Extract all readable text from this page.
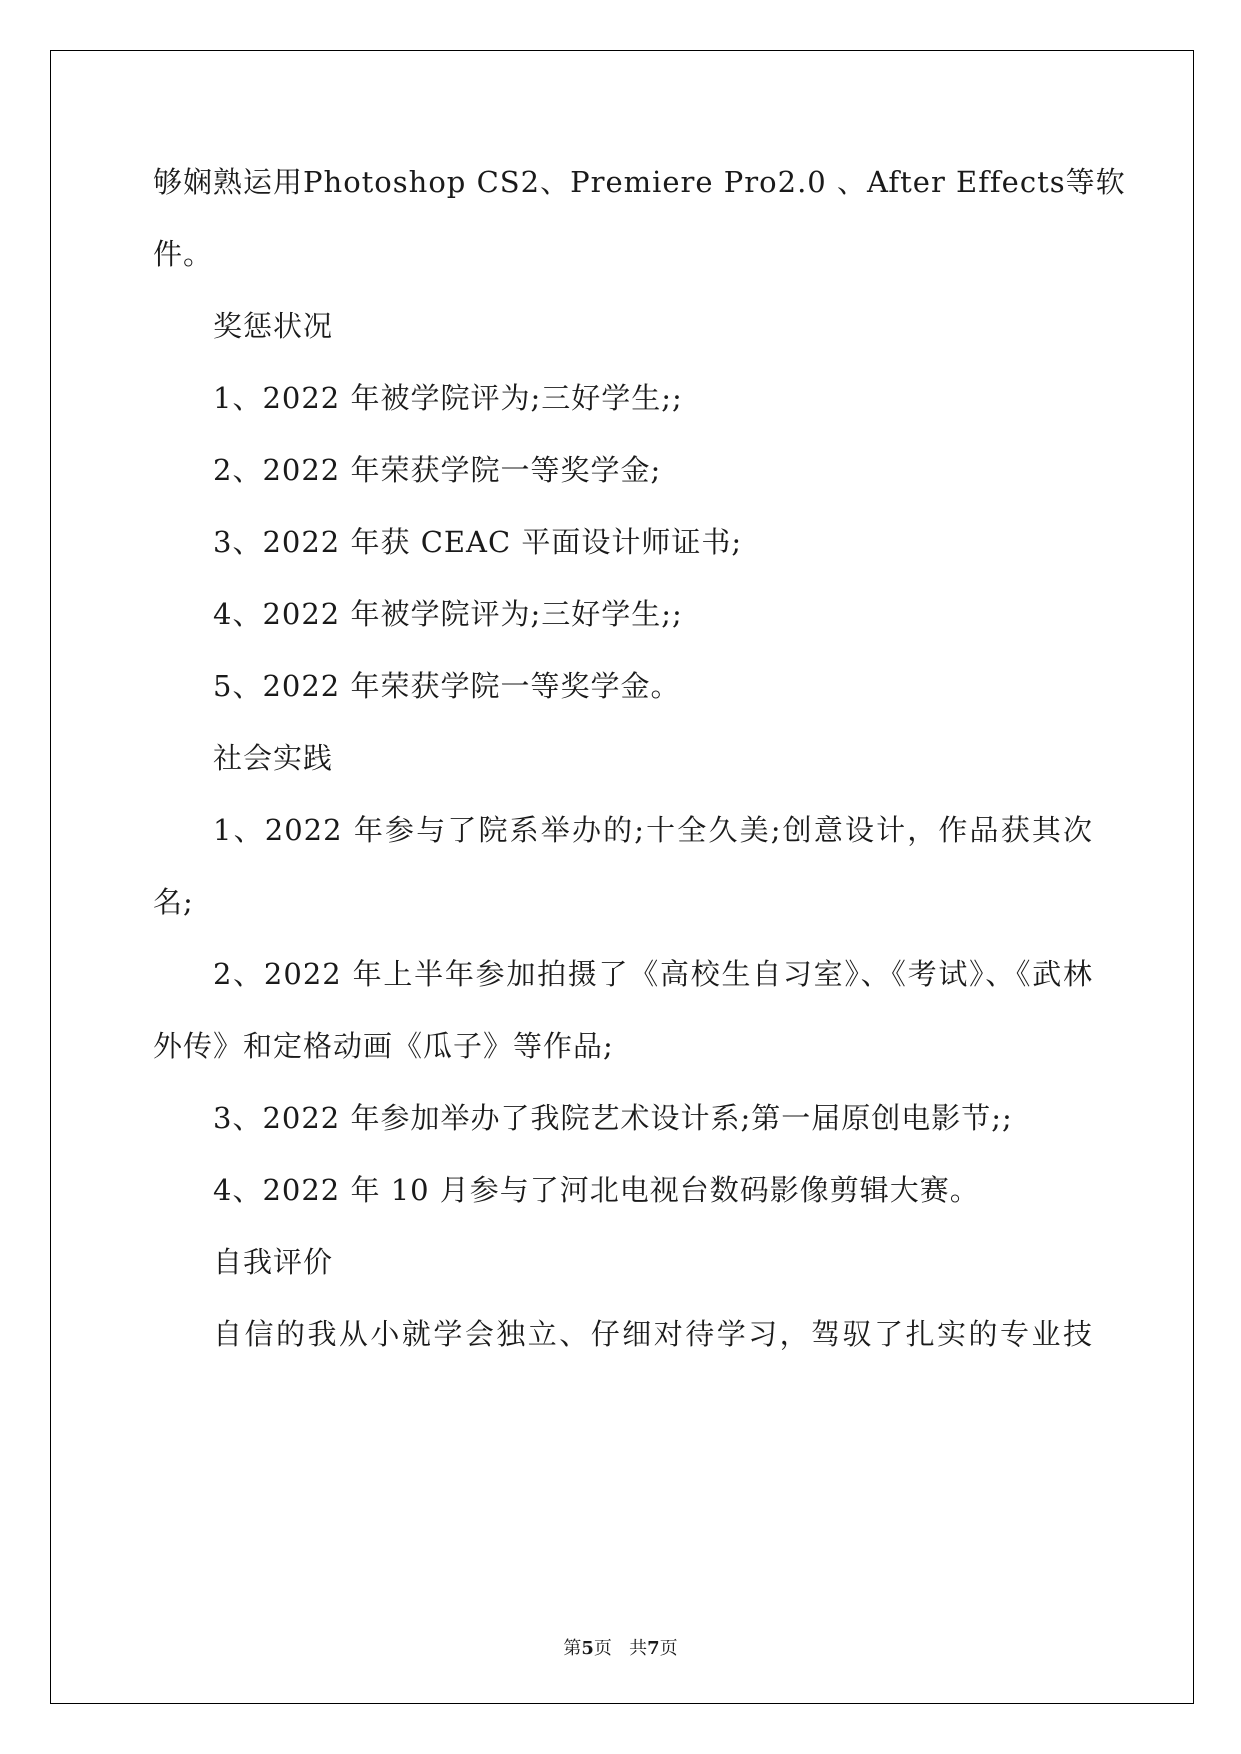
够娴熟运用Photoshop CS2、Premiere Pro2.0 、After Effects等软
件。
奖惩状况
1、2022 年被学院评为;三好学生;;
2、2022 年荣获学院一等奖学金;
3、2022 年获 CEAC 平面设计师证书;
4、2022 年被学院评为;三好学生;;
5、2022 年荣获学院一等奖学金。
社会实践
1、2022 年参与了院系举办的;十全久美;创意设计，作品获其次
名;
2、2022 年上半年参加拍摄了《高校生自习室》、《考试》、《武林
外传》和定格动画《瓜子》等作品;
3、2022 年参加举办了我院艺术设计系;第一届原创电影节;;
4、2022 年 10 月参与了河北电视台数码影像剪辑大赛。
自我评价
自信的我从小就学会独立、仔细对待学习，驾驭了扎实的专业技
第5页   共7页
